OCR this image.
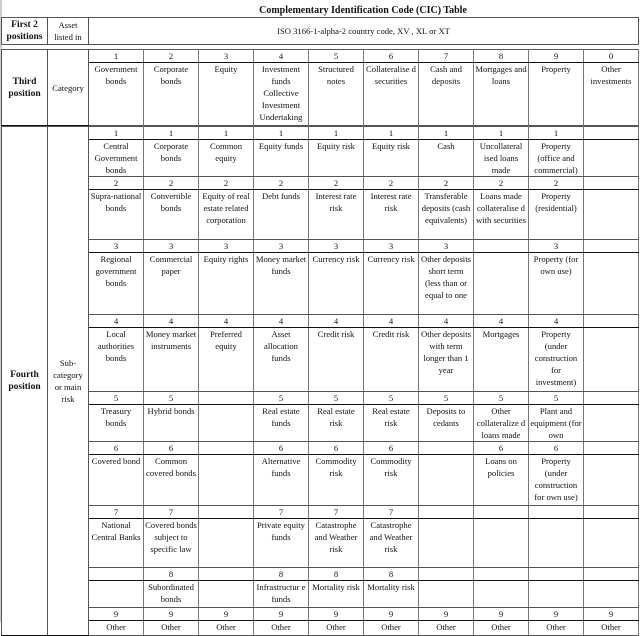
Complementary Identification Code (CIC) Table
First 2 positions	Asset listed in	ISO 3166-1-alpha-2 country code, XV , XL or XT									

Third position	Category	1	2	3	4	5	6	7	8	9	0
		Government bonds	Corporate bonds	Equity	Investment funds Collective Investment Undertaking	Structured notes	Collateralise d securities	Cash and deposits	Mortgages and loans	Property	Other investments

Fourth position	Sub-category or main risk	1	1	1	1	1	1	1	1	1	
		Central Government bonds	Corporate bonds	Common equity	Equity funds	Equity risk	Equity risk	Cash	Uncollateral ised loans made	Property (office and commercial)	
		2	2	2	2	2	2	2	2	2	
		Supra-national bonds	Convertible bonds	Equity of real estate related corporation	Debt funds	Interest rate risk	Interest rate risk	Transferable deposits (cash equivalents)	Loans made collateralise d with securities	Property (residential)	
		3	3	3	3	3	3	3		3	
		Regional government bonds	Commercial paper	Equity rights	Money market funds	Currency risk	Currency risk	Other deposits short term (less than or equal to one		Property (for own use)	
		4	4	4	4	4	4	4	4	4	
		Local authorities bonds	Money market instruments	Preferred equity	Asset allocation funds	Credit risk	Credit risk	Other deposits with term longer than 1 year	Mortgages	Property (under construction for investment)	
		5	5		5	5	5	5	5	5	
		Treasury bonds	Hybrid bonds		Real estate funds	Real estate risk	Real estate risk	Deposits to cedants	Other collateralize d loans made	Plant and equipment (for own	
		6	6		6	6	6		6	6	
		Covered bond	Common covered bonds		Alternative funds	Commodity risk	Commodity risk		Loans on policies	Property (under construction for own use)	
		7	7		7	7	7				
		National Central Banks	Covered bonds subject to specific law		Private equity funds	Catastrophe and Weather risk	Catastrophe and Weather risk				
			8		8	8	8				
			Subordinated bonds		Infrastructur e funds	Mortality risk	Mortality risk				
		9	9	9	9	9	9	9	9	9	9
		Other	Other	Other	Other	Other	Other	Other	Other	Other	Other
